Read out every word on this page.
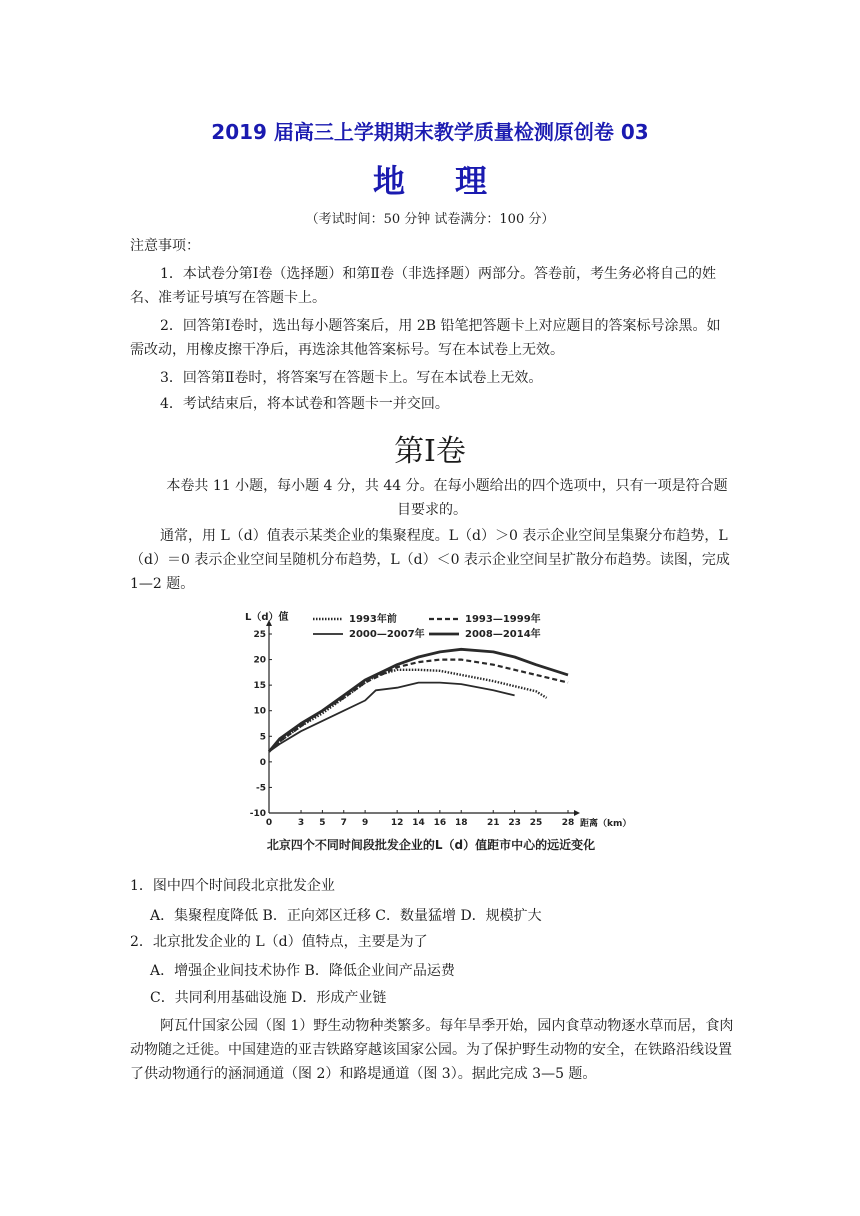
2019 届高三上学期期末教学质量检测原创卷 03
地理
（考试时间：50 分钟 试卷满分：100 分）
注意事项：
1．本试卷分第Ⅰ卷（选择题）和第Ⅱ卷（非选择题）两部分。答卷前，考生务必将自己的姓名、准考证号填写在答题卡上。
2．回答第Ⅰ卷时，选出每小题答案后，用 2B 铅笔把答题卡上对应题目的答案标号涂黑。如需改动，用橡皮擦干净后，再选涂其他答案标号。写在本试卷上无效。
3．回答第Ⅱ卷时，将答案写在答题卡上。写在本试卷上无效。
4．考试结束后，将本试卷和答题卡一并交回。
第Ⅰ卷
本卷共 11 小题，每小题 4 分，共 44 分。在每小题给出的四个选项中，只有一项是符合题目要求的。
通常，用 L（d）值表示某类企业的集聚程度。L（d）＞0 表示企业空间呈集聚分布趋势，L（d）＝0 表示企业空间呈随机分布趋势，L（d）＜0 表示企业空间呈扩散分布趋势。读图，完成 1—2 题。
0	3 5 7 9	12 14 16 18 21 23 25 28
-10
-5
0
5
10
15
20
25
1993年前	1993—1999年
2000—2007年	2008—2014年
L（d）值
距离（km）
北京四个不同时间段批发企业的L（d）值距市中心的远近变化
1．图中四个时间段北京批发企业
A．集聚程度降低 B．正向郊区迁移 C．数量猛增 D．规模扩大
2．北京批发企业的 L（d）值特点，主要是为了
A．增强企业间技术协作 B．降低企业间产品运费
C．共同利用基础设施 D．形成产业链
阿瓦什国家公园（图 1）野生动物种类繁多。每年旱季开始，园内食草动物逐水草而居，食肉动物随之迁徙。中国建造的亚吉铁路穿越该国家公园。为了保护野生动物的安全，在铁路沿线设置了供动物通行的涵洞通道（图 2）和路堤通道（图 3）。据此完成 3—5 题。
